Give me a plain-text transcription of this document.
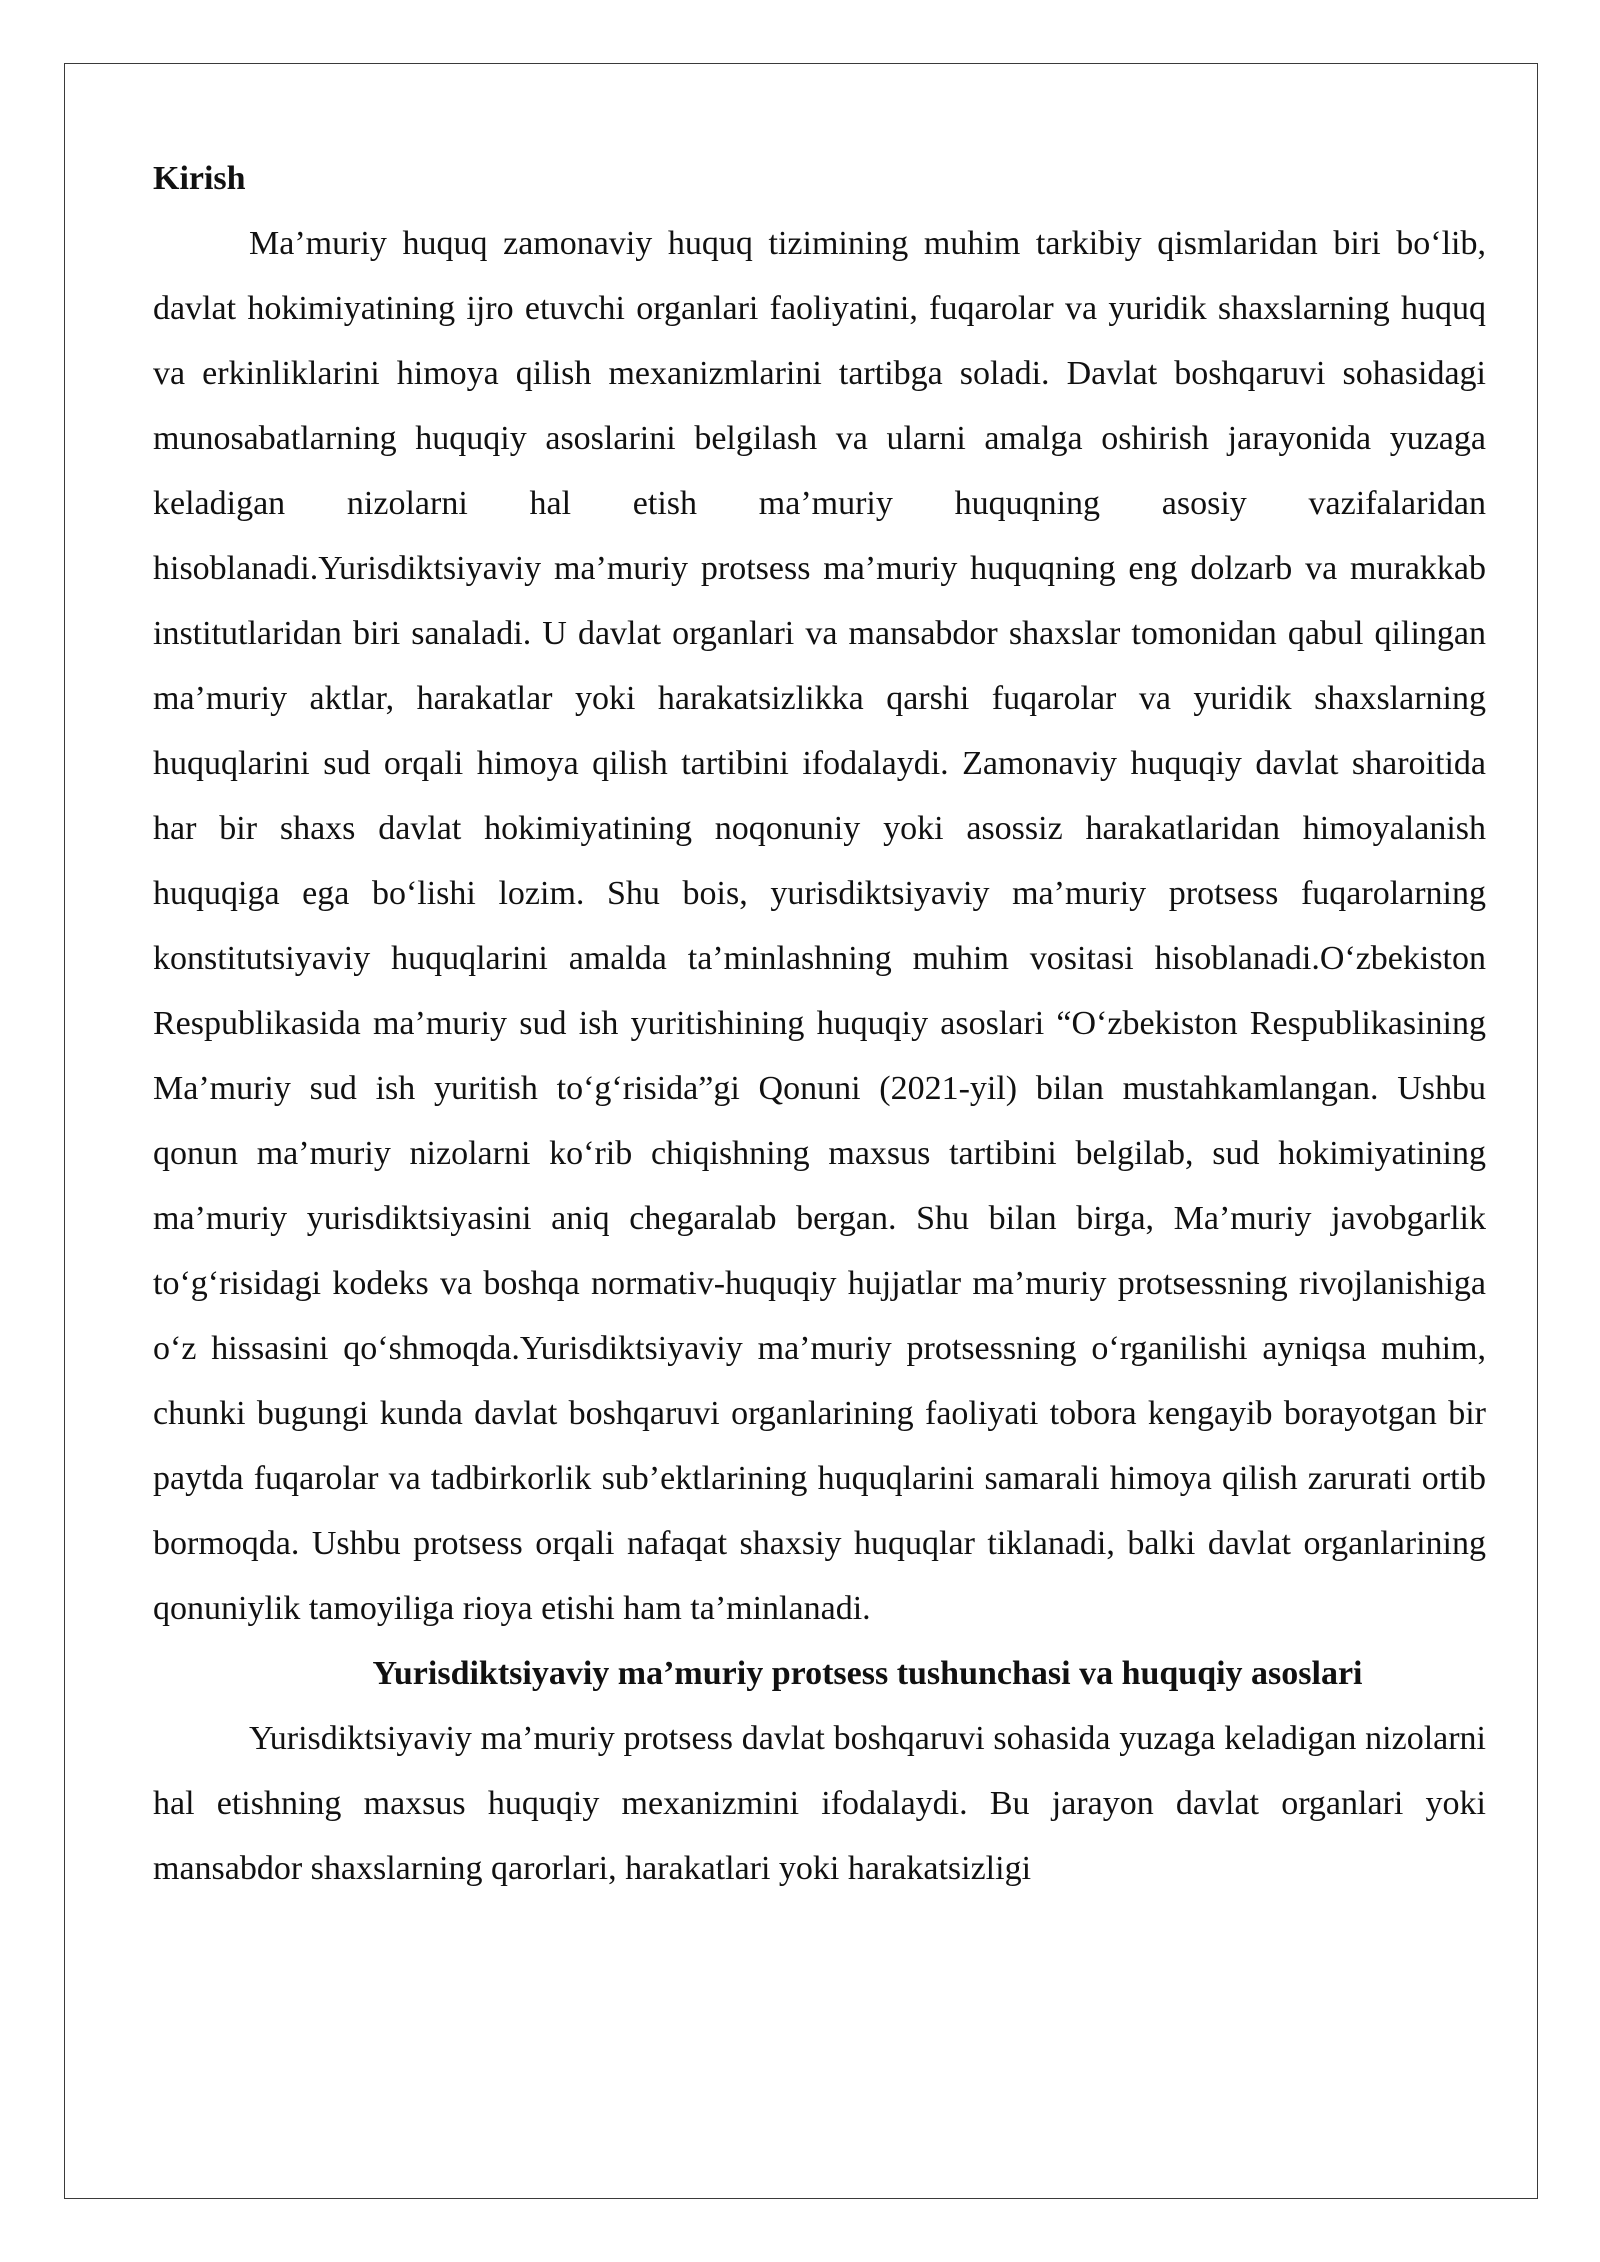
Kirish

Ma’muriy huquq zamonaviy huquq tizimining muhim tarkibiy qismlaridan biri bo‘lib, davlat hokimiyatining ijro etuvchi organlari faoliyatini, fuqarolar va yuridik shaxslarning huquq va erkinliklarini himoya qilish mexanizmlarini tartibga soladi. Davlat boshqaruvi sohasidagi munosabatlarning huquqiy asoslarini belgilash va ularni amalga oshirish jarayonida yuzaga keladigan nizolarni hal etish ma’muriy huquqning asosiy vazifalaridan hisoblanadi.Yurisdiktsiyaviy ma’muriy protsess ma’muriy huquqning eng dolzarb va murakkab institutlaridan biri sanaladi. U davlat organlari va mansabdor shaxslar tomonidan qabul qilingan ma’muriy aktlar, harakatlar yoki harakatsizlikka qarshi fuqarolar va yuridik shaxslarning huquqlarini sud orqali himoya qilish tartibini ifodalaydi. Zamonaviy huquqiy davlat sharoitida har bir shaxs davlat hokimiyatining noqonuniy yoki asossiz harakatlaridan himoyalanish huquqiga ega bo‘lishi lozim. Shu bois, yurisdiktsiyaviy ma’muriy protsess fuqarolarning konstitutsiyaviy huquqlarini amalda ta’minlashning muhim vositasi hisoblanadi.O‘zbekiston Respublikasida ma’muriy sud ish yuritishining huquqiy asoslari “O‘zbekiston Respublikasining Ma’muriy sud ish yuritish to‘g‘risida”gi Qonuni (2021-yil) bilan mustahkamlangan. Ushbu qonun ma’muriy nizolarni ko‘rib chiqishning maxsus tartibini belgilab, sud hokimiyatining ma’muriy yurisdiktsiyasini aniq chegaralab bergan. Shu bilan birga, Ma’muriy javobgarlik to‘g‘risidagi kodeks va boshqa normativ-huquqiy hujjatlar ma’muriy protsessning rivojlanishiga o‘z hissasini qo‘shmoqda.Yurisdiktsiyaviy ma’muriy protsessning o‘rganilishi ayniqsa muhim, chunki bugungi kunda davlat boshqaruvi organlarining faoliyati tobora kengayib borayotgan bir paytda fuqarolar va tadbirkorlik sub’ektlarining huquqlarini samarali himoya qilish zarurati ortib bormoqda. Ushbu protsess orqali nafaqat shaxsiy huquqlar tiklanadi, balki davlat organlarining qonuniylik tamoyiliga rioya etishi ham ta’minlanadi.

Yurisdiktsiyaviy ma’muriy protsess tushunchasi va huquqiy asoslari

Yurisdiktsiyaviy ma’muriy protsess davlat boshqaruvi sohasida yuzaga keladigan nizolarni hal etishning maxsus huquqiy mexanizmini ifodalaydi. Bu jarayon davlat organlari yoki mansabdor shaxslarning qarorlari, harakatlari yoki harakatsizligi
